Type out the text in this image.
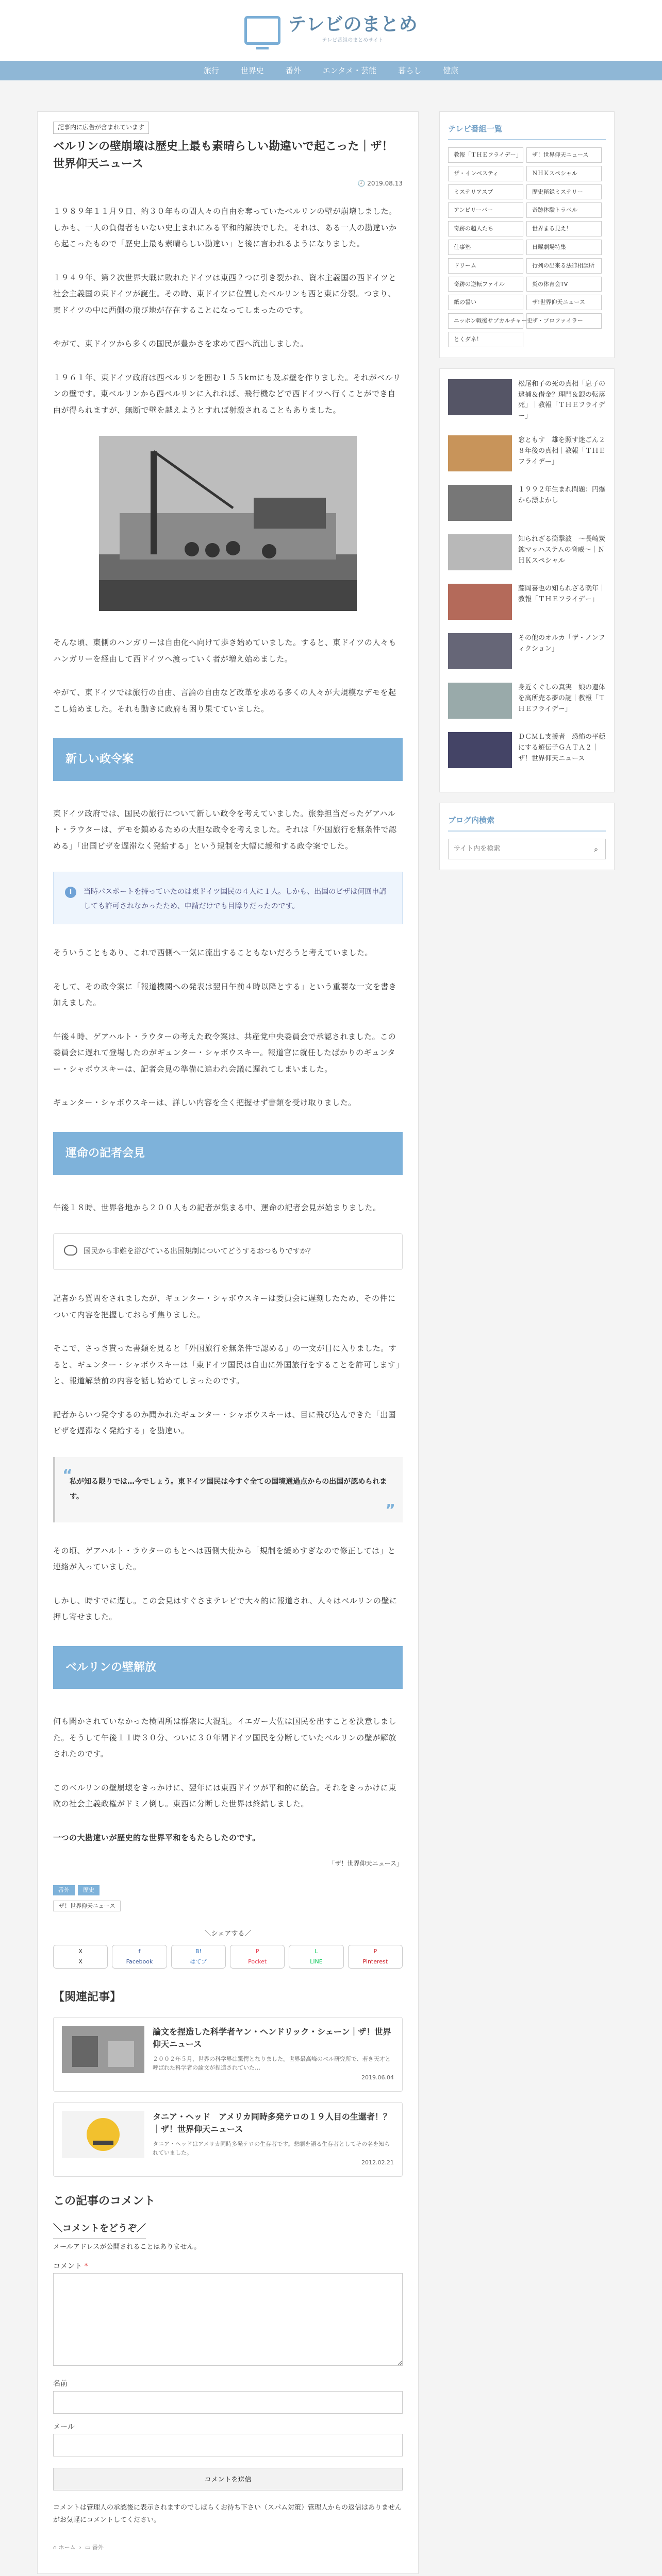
テレビのまとめ
テレビ番組のまとめサイト
旅行	世界史	番外	エンタメ・芸能	暮らし	健康
記事内に広告が含まれています
ベルリンの壁崩壊は歴史上最も素晴らしい勘違いで起こった｜ザ！世界仰天ニュース
🕘 2019.08.13

１９８９年１１月９日、約３０年もの間人々の自由を奪っていたベルリンの壁が崩壊しました。しかも、一人の負傷者もいない史上まれにみる平和的解決でした。それは、ある一人の勘違いから起こったもので「歴史上最も素晴らしい勘違い」と後に言われるようになりました。

１９４９年、第２次世界大戦に敗れたドイツは東西２つに引き裂かれ、資本主義国の西ドイツと社会主義国の東ドイツが誕生。その時、東ドイツに位置したベルリンも西と東に分裂。つまり、東ドイツの中に西側の飛び地が存在することになってしまったのです。

やがて、東ドイツから多くの国民が豊かさを求めて西へ流出しました。

１９６１年、東ドイツ政府は西ベルリンを囲む１５５kmにも及ぶ壁を作りました。それがベルリンの壁です。東ベルリンから西ベルリンに入れれば、飛行機などで西ドイツへ行くことができ自由が得られますが、無断で壁を越えようとすれば射殺されることもありました。

そんな頃、東側のハンガリーは自由化へ向けて歩き始めていました。すると、東ドイツの人々もハンガリーを経由して西ドイツへ渡っていく者が増え始めました。

やがて、東ドイツでは旅行の自由、言論の自由など改革を求める多くの人々が大規模なデモを起こし始めました。それも動きに政府も困り果てていました。

新しい政令案

東ドイツ政府では、国民の旅行について新しい政令を考えていました。旅券担当だったゲアハルト・ラウターは、デモを鎮めるための大胆な政令を考えました。それは「外国旅行を無条件で認める」「出国ビザを遅滞なく発給する」という規制を大幅に緩和する政令案でした。

i	当時パスポートを持っていたのは東ドイツ国民の４人に１人。しかも、出国のビザは何回申請しても許可されなかったため、申請だけでも目障りだったのです。

そういうこともあり、これで西側へ一気に流出することもないだろうと考えていました。

そして、その政令案に「報道機関への発表は翌日午前４時以降とする」という重要な一文を書き加えました。

午後４時、ゲアハルト・ラウターの考えた政令案は、共産党中央委員会で承認されました。この委員会に遅れて登場したのがギュンター・シャボウスキー。報道官に就任したばかりのギュンター・シャボウスキーは、記者会見の準備に追われ会議に遅れてしまいました。

ギュンター・シャボウスキーは、詳しい内容を全く把握せず書類を受け取りました。

運命の記者会見

午後１８時、世界各地から２００人もの記者が集まる中、運命の記者会見が始まりました。

国民から非難を浴びている出国規制についてどうするおつもりですか？

記者から質問をされましたが、ギュンター・シャボウスキーは委員会に遅刻したため、その件について内容を把握しておらず焦りました。

そこで、さっき貰った書類を見ると「外国旅行を無条件で認める」の一文が目に入りました。すると、ギュンター・シャボウスキーは「東ドイツ国民は自由に外国旅行をすることを許可します」と、報道解禁前の内容を話し始めてしまったのです。

記者からいつ発令するのか聞かれたギュンター・シャボウスキーは、目に飛び込んできた「出国ビザを遅滞なく発給する」を勘違い。

“
私が知る限りでは…今でしょう。東ドイツ国民は今すぐ全ての国境通過点からの出国が認められます。
”

その頃、ゲアハルト・ラウターのもとへは西側大使から「規制を緩めすぎなので修正しては」と連絡が入っていました。

しかし、時すでに遅し。この会見はすぐさまテレビで大々的に報道され、人々はベルリンの壁に押し寄せました。

ベルリンの壁解放

何も聞かされていなかった検問所は群衆に大混乱。イエガー大佐は国民を出すことを決意しました。そうして午後１１時３０分、ついに３０年間ドイツ国民を分断していたベルリンの壁が解放されたのです。

このベルリンの壁崩壊をきっかけに、翌年には東西ドイツが平和的に統合。それをきっかけに東欧の社会主義政権がドミノ倒し。東西に分断した世界は終結しました。

一つの大勘違いが歴史的な世界平和をもたらしたのです。

「ザ！世界仰天ニュース」
番外	歴史
ザ！世界仰天ニュース
＼シェアする／
X
X
f
Facebook
B!
はてブ
P
Pocket
L
LINE
P
Pinterest
【関連記事】
論文を捏造した科学者ヤン・ヘンドリック・シェーン｜ザ！世界仰天ニュース
２００２年５月、世界の科学界は驚愕となりました。世界最高峰のベル研究所で、若き天才と呼ばれた科学者の論文が捏造されていた…
2019.06.04
タニア・ヘッド　アメリカ同時多発テロの１９人目の生還者！？｜ザ！世界仰天ニュース
タニア・ヘッドはアメリカ同時多発テロの生存者です。悲劇を語る生存者としてその名を知られていました。
2012.02.21
この記事のコメント
＼コメントをどうぞ／
メールアドレスが公開されることはありません。
コメント *
名前
メール
コメントを送信
コメントは管理人の承認後に表示されますのでしばらくお待ち下さい（スパム対策）管理人からの返信はありませんがお気軽にコメントしてください。
⌂ ホーム  ›  ▭ 番外
テレビ番組一覧
教報「ＴＨＥフライデー」	ザ！世界仰天ニュース
ザ・インベスティ	ＮＨＫスペシャル
ミステリアスブ	歴史秘録ミステリー
アンビリーバー	奇跡体験トラベル
奇跡の超人たち	世界まる見え！
仕事塾	日曜劇場特集
ドリーム	行列の出来る法律相談所
奇跡の逆転ファイル	炎の体育会TV
紙の誓い	ザ!世界仰天ニュース
ニッポン戦後サブカルチャー史
ザ・プロファイラー
とくダネ！
松尾和子の死の真相「息子の逮捕＆借金？理門＆銀の転落死」｜教報「ＴＨＥフライデー」
窓ともす　雄を照す迷ごん２８年後の真相｜教報「ＴＨＥフライデー」
１９９２年生まれ問題：円爆から漂よかし
知られざる衝撃波　〜長崎炭鉱マッハステムの脅威〜｜ＮＨＫスペシャル
藤岡喜也の知られざる晩年｜教報「ＴＨＥフライデー」
その他のオルカ「ザ・ノンフィクション」
身近くぐしの真実　娘の遺体を高所売る夢の謎｜教報「ＴＨＥフライデー」
ＤＣＭＬ支援者　恐怖の平穏にする遊伝子ＧＡＴＡ２｜ザ！世界仰天ニュース
ブログ内検索
サイト内を検索
⌕
